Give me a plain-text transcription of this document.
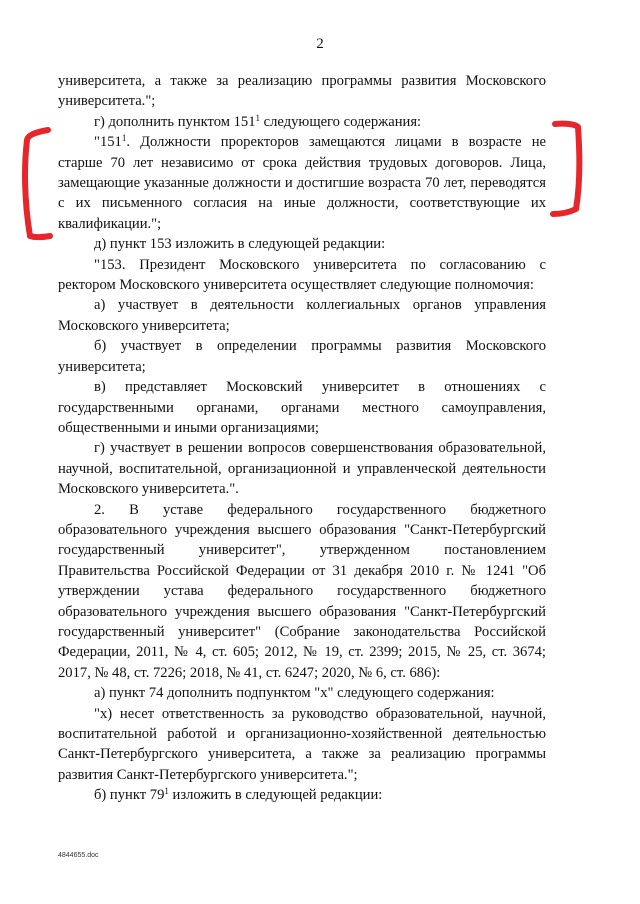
2

университета, а также за реализацию программы развития Московского университета.";

г) дополнить пунктом $151^1$ следующего содержания:

"$151^1$. Должности проректоров замещаются лицами в возрасте не старше 70 лет независимо от срока действия трудовых договоров. Лица, замещающие указанные должности и достигшие возраста 70 лет, переводятся с их письменного согласия на иные должности, соответствующие их квалификации.";

д) пункт 153 изложить в следующей редакции:

"153. Президент Московского университета по согласованию с ректором Московского университета осуществляет следующие полномочия:

а) участвует в деятельности коллегиальных органов управления Московского университета;

б) участвует в определении программы развития Московского университета;

в) представляет Московский университет в отношениях с государственными органами, органами местного самоуправления, общественными и иными организациями;

г) участвует в решении вопросов совершенствования образовательной, научной, воспитательной, организационной и управленческой деятельности Московского университета.".

2. В уставе федерального государственного бюджетного образовательного учреждения высшего образования "Санкт-Петербургский государственный университет", утвержденном постановлением Правительства Российской Федерации от 31 декабря 2010 г. № 1241 "Об утверждении устава федерального государственного бюджетного образовательного учреждения высшего образования "Санкт-Петербургский государственный университет" (Собрание законодательства Российской Федерации, 2011, № 4, ст. 605; 2012, № 19, ст. 2399; 2015, № 25, ст. 3674; 2017, № 48, ст. 7226; 2018, № 41, ст. 6247; 2020, № 6, ст. 686):

а) пункт 74 дополнить подпунктом "х" следующего содержания:

"х) несет ответственность за руководство образовательной, научной, воспитательной работой и организационно-хозяйственной деятельностью Санкт-Петербургского университета, а также за реализацию программы развития Санкт-Петербургского университета.";

б) пункт $79^1$ изложить в следующей редакции:

4844655.doc
